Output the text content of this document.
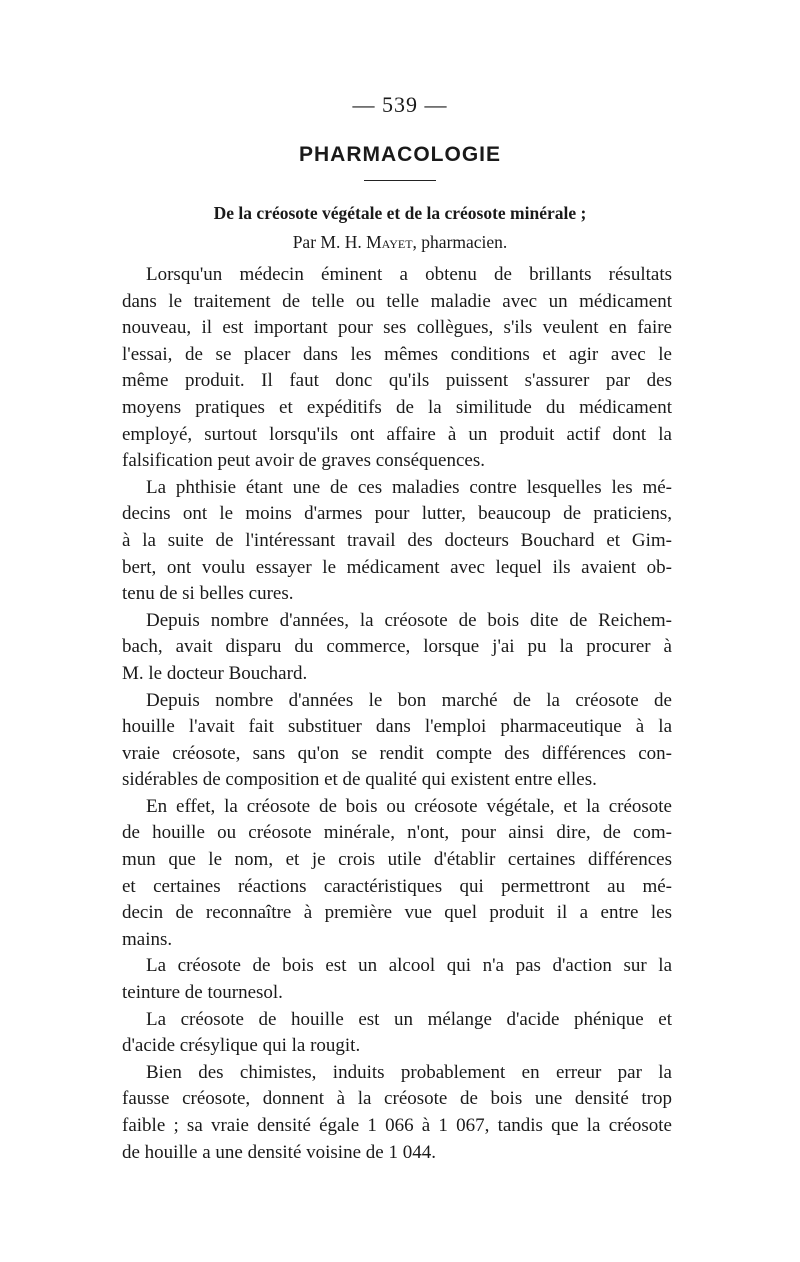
— 539 —
PHARMACOLOGIE
De la créosote végétale et de la créosote minérale ;
Par M. H. Mayet, pharmacien.

Lorsqu'un médecin éminent a obtenu de brillants résultats
dans le traitement de telle ou telle maladie avec un médicament
nouveau, il est important pour ses collègues, s'ils veulent en faire
l'essai, de se placer dans les mêmes conditions et agir avec le
même produit. Il faut donc qu'ils puissent s'assurer par des
moyens pratiques et expéditifs de la similitude du médicament
employé, surtout lorsqu'ils ont affaire à un produit actif dont la
falsification peut avoir de graves conséquences.

La phthisie étant une de ces maladies contre lesquelles les mé-
decins ont le moins d'armes pour lutter, beaucoup de praticiens,
à la suite de l'intéressant travail des docteurs Bouchard et Gim-
bert, ont voulu essayer le médicament avec lequel ils avaient ob-
tenu de si belles cures.

Depuis nombre d'années, la créosote de bois dite de Reichem-
bach, avait disparu du commerce, lorsque j'ai pu la procurer à
M. le docteur Bouchard.

Depuis nombre d'années le bon marché de la créosote de
houille l'avait fait substituer dans l'emploi pharmaceutique à la
vraie créosote, sans qu'on se rendit compte des différences con-
sidérables de composition et de qualité qui existent entre elles.

En effet, la créosote de bois ou créosote végétale, et la créosote
de houille ou créosote minérale, n'ont, pour ainsi dire, de com-
mun que le nom, et je crois utile d'établir certaines différences
et certaines réactions caractéristiques qui permettront au mé-
decin de reconnaître à première vue quel produit il a entre les
mains.

La créosote de bois est un alcool qui n'a pas d'action sur la
teinture de tournesol.

La créosote de houille est un mélange d'acide phénique et
d'acide crésylique qui la rougit.

Bien des chimistes, induits probablement en erreur par la
fausse créosote, donnent à la créosote de bois une densité trop
faible ; sa vraie densité égale 1 066 à 1 067, tandis que la créosote
de houille a une densité voisine de 1 044.
